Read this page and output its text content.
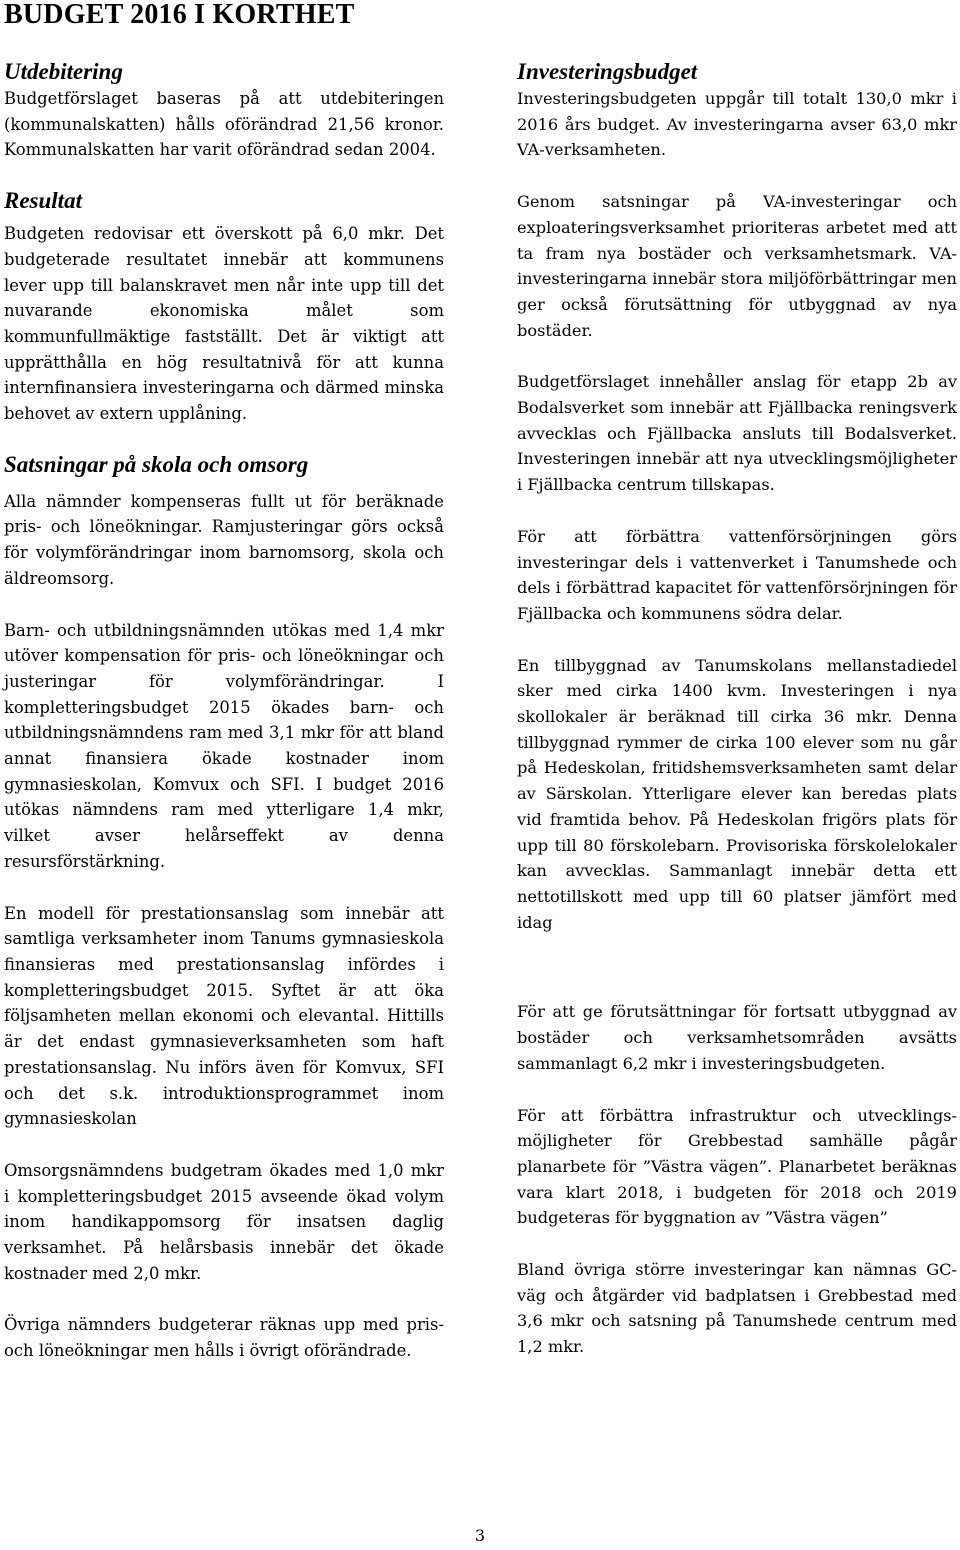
BUDGET 2016 I KORTHET
Utdebitering

Budgetförslaget baseras på att utdebiteringen (kommunalskatten) hålls oförändrad 21,56 kronor. Kommunalskatten har varit oförändrad sedan 2004.

Resultat

Budgeten redovisar ett överskott på 6,0 mkr. Det budgeterade resultatet innebär att kommunens lever upp till balanskravet men når inte upp till det nuvarande ekonomiska målet som kommunfullmäktige fastställt. Det är viktigt att upprätthålla en hög resultatnivå för att kunna internfinansiera investeringarna och därmed minska behovet av extern upplåning.

Satsningar på skola och omsorg

Alla nämnder kompenseras fullt ut för beräknade pris- och löneökningar. Ramjusteringar görs också för volymförändringar inom barnomsorg, skola och äldreomsorg.

Barn- och utbildningsnämnden utökas med 1,4 mkr utöver kompensation för pris- och löneökningar och justeringar för volymförändringar. I kompletteringsbudget 2015 ökades barn- och utbildningsnämndens ram med 3,1 mkr för att bland annat finansiera ökade kostnader inom gymnasieskolan, Komvux och SFI. I budget 2016 utökas nämndens ram med ytterligare 1,4 mkr, vilket avser helårseffekt av denna resursförstärkning.

En modell för prestationsanslag som innebär att samtliga verksamheter inom Tanums gymnasieskola finansieras med prestationsanslag infördes i kompletteringsbudget 2015. Syftet är att öka följsamheten mellan ekonomi och elevantal. Hittills är det endast gymnasieverksamheten som haft prestationsanslag. Nu införs även för Komvux, SFI och det s.k. introduktionsprogrammet inom gymnasieskolan

Omsorgsnämndens budgetram ökades med 1,0 mkr i kompletteringsbudget 2015 avseende ökad volym inom handikappomsorg för insatsen daglig verksamhet. På helårsbasis innebär det ökade kostnader med 2,0 mkr.

Övriga nämnders budgeterar räknas upp med pris- och löneökningar men hålls i övrigt oförändrade.

Investeringsbudget

Investeringsbudgeten uppgår till totalt 130,0 mkr i 2016 års budget. Av investeringarna avser 63,0 mkr VA-verksamheten.

Genom satsningar på VA-investeringar och exploateringsverksamhet prioriteras arbetet med att ta fram nya bostäder och verksamhetsmark. VA-investeringarna innebär stora miljöförbättringar men ger också förutsättning för utbyggnad av nya bostäder.

Budgetförslaget innehåller anslag för etapp 2b av Bodalsverket som innebär att Fjällbacka reningsverk avvecklas och Fjällbacka ansluts till Bodalsverket. Investeringen innebär att nya utvecklingsmöjligheter i Fjällbacka centrum tillskapas.

För att förbättra vattenförsörjningen görs investeringar dels i vattenverket i Tanumshede och dels i förbättrad kapacitet för vattenförsörjningen för Fjällbacka och kommunens södra delar.

En tillbyggnad av Tanumskolans mellanstadiedel sker med cirka 1400 kvm. Investeringen i nya skollokaler är beräknad till cirka 36 mkr. Denna tillbyggnad rymmer de cirka 100 elever som nu går på Hedeskolan, fritidshemsverksamheten samt delar av Särskolan. Ytterligare elever kan beredas plats vid framtida behov. På Hedeskolan frigörs plats för upp till 80 förskolebarn. Provisoriska förskolelokaler kan avvecklas. Sammanlagt innebär detta ett nettotillskott med upp till 60 platser jämfört med idag

För att ge förutsättningar för fortsatt utbyggnad av bostäder och verksamhetsområden avsätts sammanlagt 6,2 mkr i investeringsbudgeten.

För att förbättra infrastruktur och utvecklingsmöjligheter för Grebbestad samhälle pågår planarbete för ”Västra vägen”. Planarbetet beräknas vara klart 2018, i budgeten för 2018 och 2019 budgeteras för byggnation av ”Västra vägen”

Bland övriga större investeringar kan nämnas GC-väg och åtgärder vid badplatsen i Grebbestad med 3,6 mkr och satsning på Tanumshede centrum med 1,2 mkr.

3
